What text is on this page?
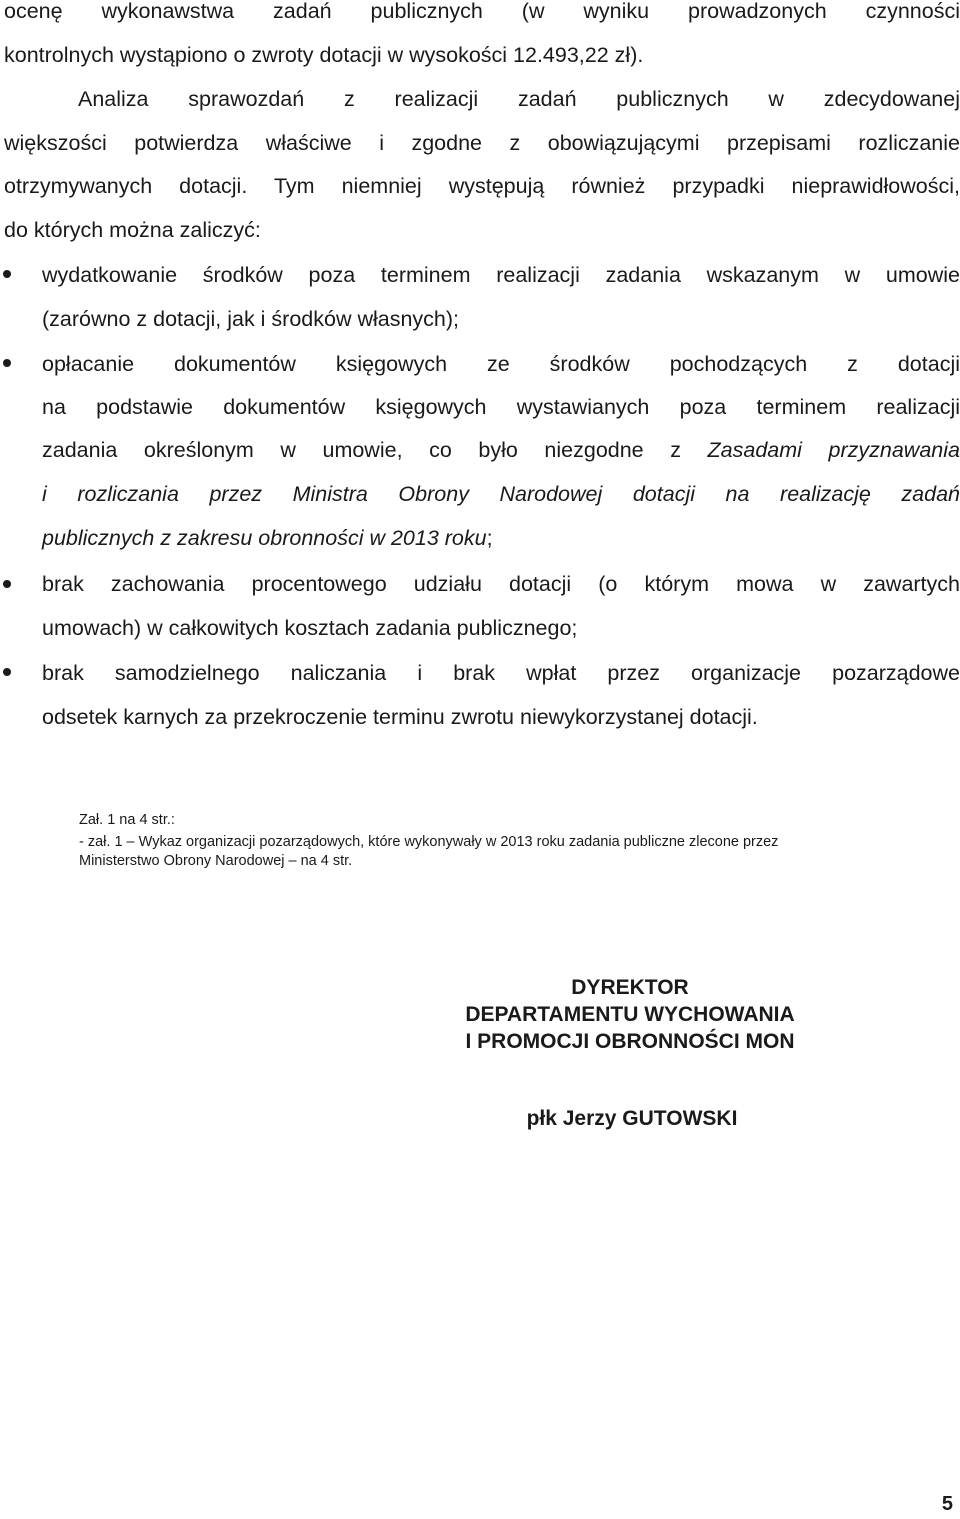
ocenę wykonawstwa zadań publicznych (w wyniku prowadzonych czynności

kontrolnych wystąpiono o zwroty dotacji w wysokości 12.493,22 zł).

Analiza sprawozdań z realizacji zadań publicznych w zdecydowanej

większości potwierdza właściwe i zgodne z obowiązującymi przepisami rozliczanie

otrzymywanych dotacji. Tym niemniej występują również przypadki nieprawidłowości,

do których można zaliczyć:

wydatkowanie środków poza terminem realizacji zadania wskazanym w umowie

(zarówno z dotacji, jak i środków własnych);

opłacanie dokumentów księgowych ze środków pochodzących z dotacji

na podstawie dokumentów księgowych wystawianych poza terminem realizacji

zadania określonym w umowie, co było niezgodne z Zasadami przyznawania

i rozliczania przez Ministra Obrony Narodowej dotacji na realizację zadań

publicznych z zakresu obronności w 2013 roku;

brak zachowania procentowego udziału dotacji (o którym mowa w zawartych

umowach) w całkowitych kosztach zadania publicznego;

brak samodzielnego naliczania i brak wpłat przez organizacje pozarządowe

odsetek karnych za przekroczenie terminu zwrotu niewykorzystanej dotacji.

Zał. 1 na 4 str.:

- zał. 1 – Wykaz organizacji pozarządowych, które wykonywały w 2013 roku zadania publiczne zlecone przez

Ministerstwo Obrony Narodowej – na 4 str.

DYREKTOR

DEPARTAMENTU WYCHOWANIA

I PROMOCJI OBRONNOŚCI MON

płk Jerzy GUTOWSKI

5
